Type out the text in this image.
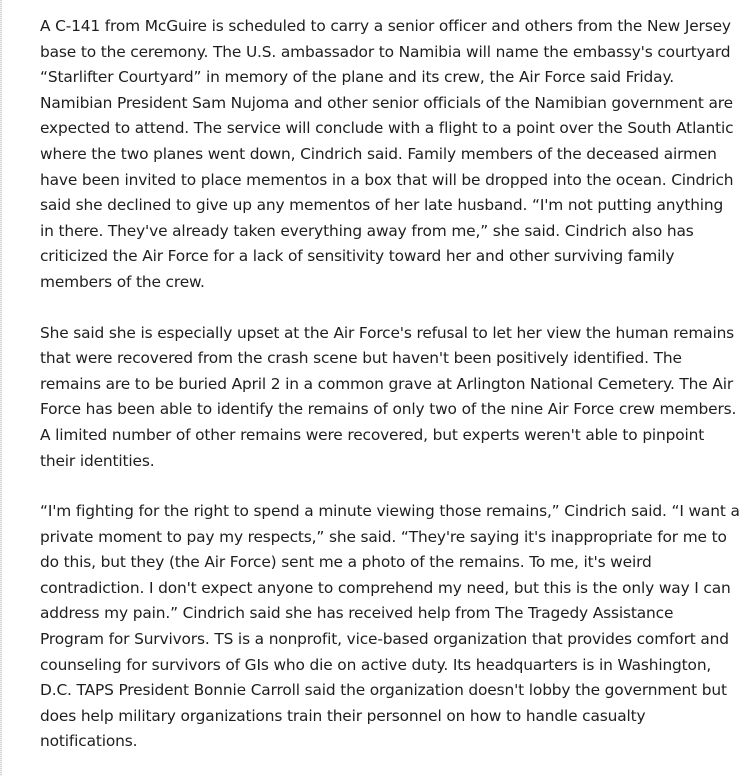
A C-141 from McGuire is scheduled to carry a senior officer and others from the New Jersey base to the ceremony. The U.S. ambassador to Namibia will name the embassy's courtyard “Starlifter Courtyard” in memory of the plane and its crew, the Air Force said Friday. Namibian President Sam Nujoma and other senior officials of the Namibian government are expected to attend. The service will conclude with a flight to a point over the South Atlantic where the two planes went down, Cindrich said. Family members of the deceased airmen have been invited to place mementos in a box that will be dropped into the ocean. Cindrich said she declined to give up any mementos of her late husband. “I'm not putting anything in there. They've already taken everything away from me,” she said. Cindrich also has criticized the Air Force for a lack of sensitivity toward her and other surviving family members of the crew.

She said she is especially upset at the Air Force's refusal to let her view the human remains that were recovered from the crash scene but haven't been positively identified. The remains are to be buried April 2 in a common grave at Arlington National Cemetery. The Air Force has been able to identify the remains of only two of the nine Air Force crew members. A limited number of other remains were recovered, but experts weren't able to pinpoint their identities.

“I'm fighting for the right to spend a minute viewing those remains,” Cindrich said. “I want a private moment to pay my respects,” she said. “They're saying it's inappropriate for me to do this, but they (the Air Force) sent me a photo of the remains. To me, it's weird contradiction. I don't expect anyone to comprehend my need, but this is the only way I can address my pain.” Cindrich said she has received help from The Tragedy Assistance Program for Survivors. TS is a nonprofit, vice-based organization that provides comfort and counseling for survivors of GIs who die on active duty. Its headquarters is in Washington, D.C. TAPS President Bonnie Carroll said the organization doesn't lobby the government but does help military organizations train their personnel on how to handle casualty notifications.
